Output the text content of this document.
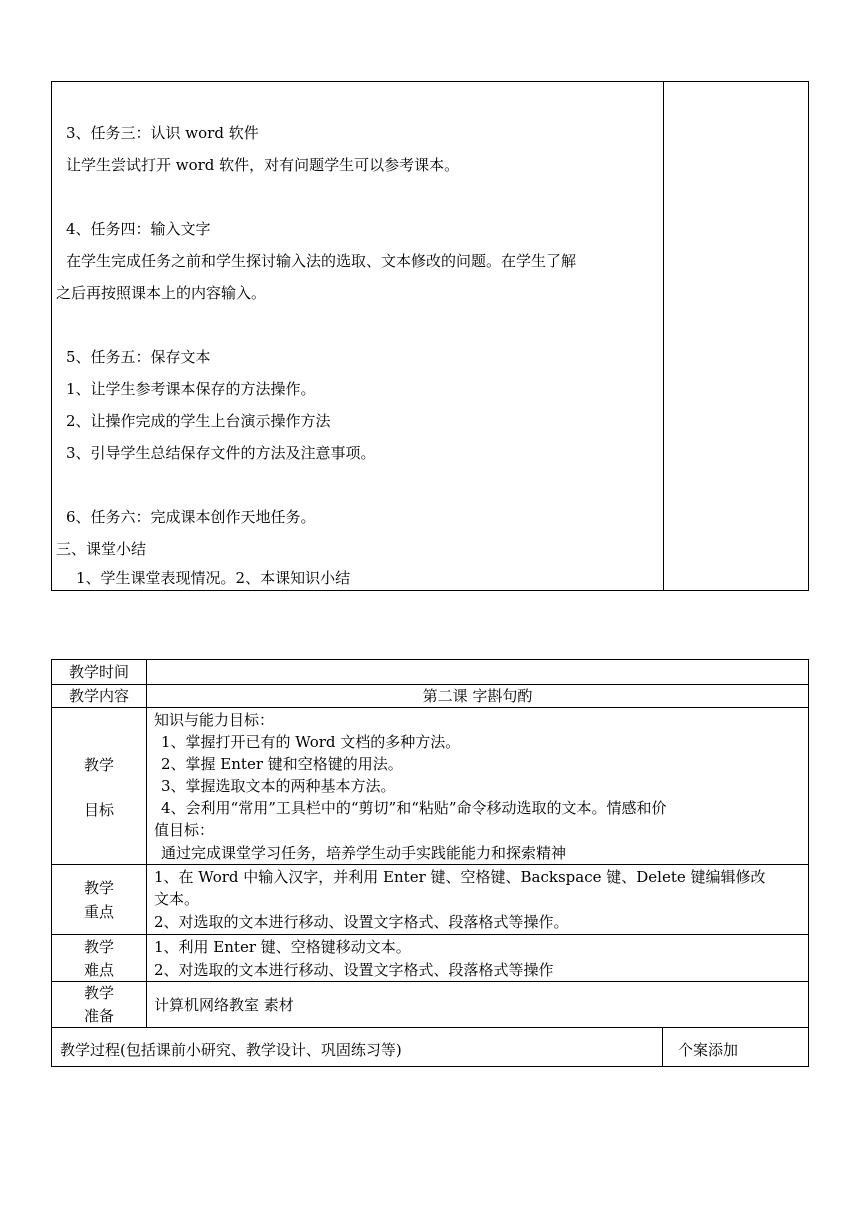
3、任务三：认识 word 软件
让学生尝试打开 word 软件，对有问题学生可以参考课本。
4、任务四：输入文字
在学生完成任务之前和学生探讨输入法的选取、文本修改的问题。在学生了解
之后再按照课本上的内容输入。
5、任务五：保存文本
1、让学生参考课本保存的方法操作。
2、让操作完成的学生上台演示操作方法
3、引导学生总结保存文件的方法及注意事项。
6、任务六：完成课本创作天地任务。
三、课堂小结
1、学生课堂表现情况。2、本课知识小结
教学时间
教学内容	第二课 字斟句酌
教学
目标
知识与能力目标：
1、掌握打开已有的 Word 文档的多种方法。
2、掌握 Enter 键和空格键的用法。
3、掌握选取文本的两种基本方法。
4、会利用“常用”工具栏中的“剪切”和“粘贴”命令移动选取的文本。情感和价
值目标：
通过完成课堂学习任务，培养学生动手实践能能力和探索精神
教学
重点
1、在 Word 中输入汉字，并利用 Enter 键、空格键、Backspace 键、Delete 键编辑修改
文本。
2、对选取的文本进行移动、设置文字格式、段落格式等操作。
教学
难点
1、利用 Enter 键、空格键移动文本。
2、对选取的文本进行移动、设置文字格式、段落格式等操作
教学
准备
计算机网络教室 素材
教学过程(包括课前小研究、教学设计、巩固练习等)	个案添加
